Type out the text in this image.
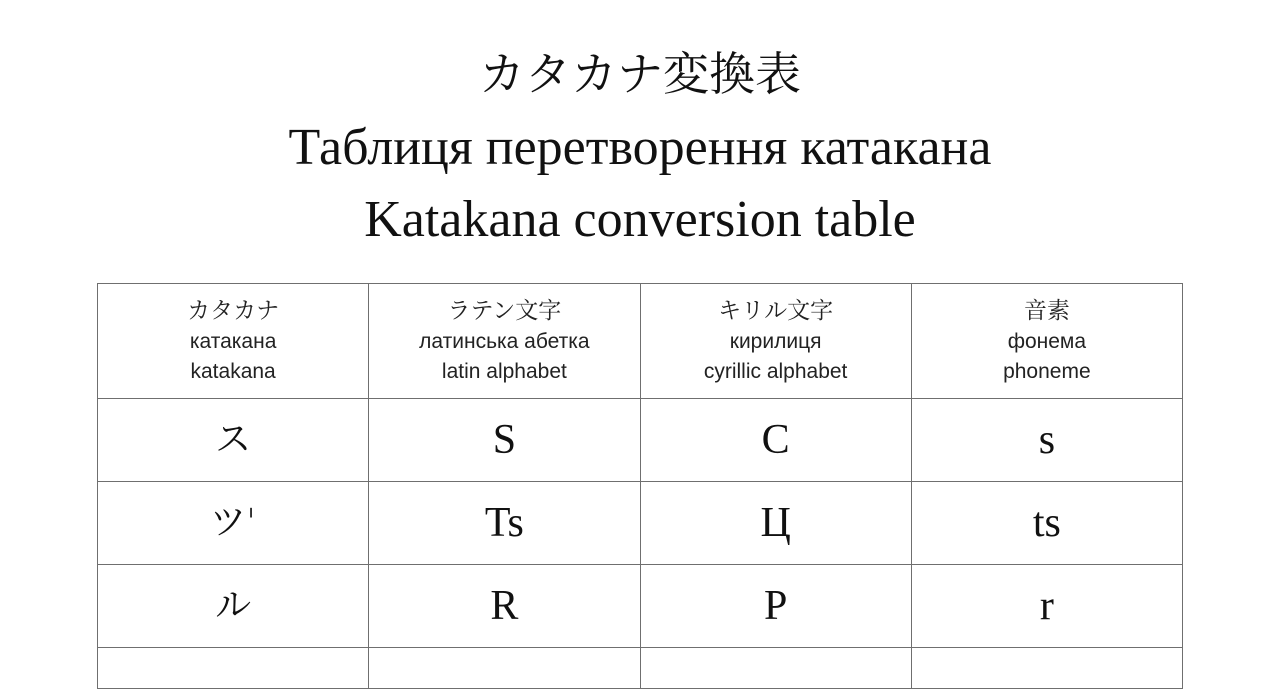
カタカナ変換表
Таблиця перетворення катакана
Katakana conversion table
カタカナ
катакана
katakana	ラテン文字
латинська абетка
latin alphabet	キリル文字
кирилиця
cyrillic alphabet	音素
фонема
phoneme

ス	S	С	s
ツ'	Ts	Ц	ts
ル	R	Р	r
